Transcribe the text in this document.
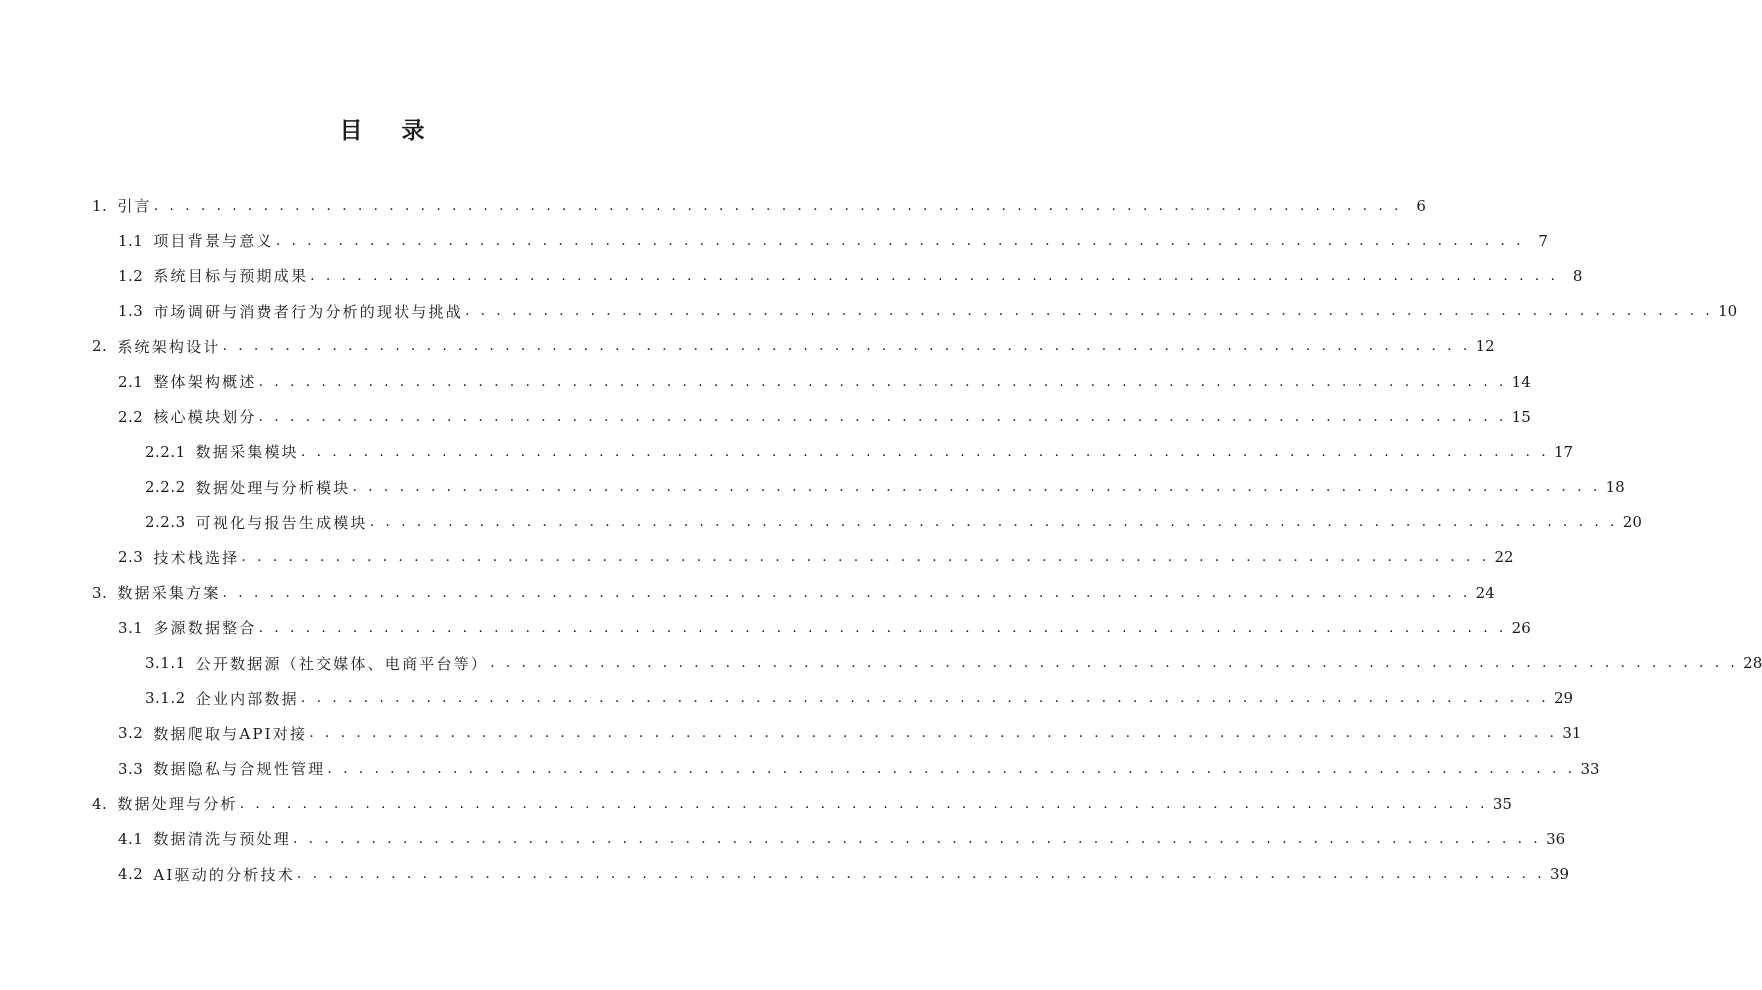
目 录
1. 引言 . . . . . . . . . . . . . . . . . . . . . . . . . . . . . . . . . . . . . . . . . . . . . . . . . . . . . . . . . . . . . . . . . . . . . . . . . . . . . . . . 6
1.1 项目背景与意义 . . . . . . . . . . . . . . . . . . . . . . . . . . . . . . . . . . . . . . . . . . . . . . . . . . . . . . . . . . . . . . . . . . . . . . . . . . . . . . . . 7
1.2 系统目标与预期成果 . . . . . . . . . . . . . . . . . . . . . . . . . . . . . . . . . . . . . . . . . . . . . . . . . . . . . . . . . . . . . . . . . . . . . . . . . . . . . . . . 8
1.3 市场调研与消费者行为分析的现状与挑战 . . . . . . . . . . . . . . . . . . . . . . . . . . . . . . . . . . . . . . . . . . . . . . . . . . . . . . . . . . . . . . . . . . . . . . . . . . . . . . . . 10
2. 系统架构设计 . . . . . . . . . . . . . . . . . . . . . . . . . . . . . . . . . . . . . . . . . . . . . . . . . . . . . . . . . . . . . . . . . . . . . . . . . . . . . . . . 12
2.1 整体架构概述 . . . . . . . . . . . . . . . . . . . . . . . . . . . . . . . . . . . . . . . . . . . . . . . . . . . . . . . . . . . . . . . . . . . . . . . . . . . . . . . . 14
2.2 核心模块划分 . . . . . . . . . . . . . . . . . . . . . . . . . . . . . . . . . . . . . . . . . . . . . . . . . . . . . . . . . . . . . . . . . . . . . . . . . . . . . . . . 15
2.2.1 数据采集模块 . . . . . . . . . . . . . . . . . . . . . . . . . . . . . . . . . . . . . . . . . . . . . . . . . . . . . . . . . . . . . . . . . . . . . . . . . . . . . . . . 17
2.2.2 数据处理与分析模块 . . . . . . . . . . . . . . . . . . . . . . . . . . . . . . . . . . . . . . . . . . . . . . . . . . . . . . . . . . . . . . . . . . . . . . . . . . . . . . . . 18
2.2.3 可视化与报告生成模块 . . . . . . . . . . . . . . . . . . . . . . . . . . . . . . . . . . . . . . . . . . . . . . . . . . . . . . . . . . . . . . . . . . . . . . . . . . . . . . . . 20
2.3 技术栈选择 . . . . . . . . . . . . . . . . . . . . . . . . . . . . . . . . . . . . . . . . . . . . . . . . . . . . . . . . . . . . . . . . . . . . . . . . . . . . . . . . 22
3. 数据采集方案 . . . . . . . . . . . . . . . . . . . . . . . . . . . . . . . . . . . . . . . . . . . . . . . . . . . . . . . . . . . . . . . . . . . . . . . . . . . . . . . . 24
3.1 多源数据整合 . . . . . . . . . . . . . . . . . . . . . . . . . . . . . . . . . . . . . . . . . . . . . . . . . . . . . . . . . . . . . . . . . . . . . . . . . . . . . . . . 26
3.1.1 公开数据源（社交媒体、电商平台等） . . . . . . . . . . . . . . . . . . . . . . . . . . . . . . . . . . . . . . . . . . . . . . . . . . . . . . . . . . . . . . . . . . . . . . . . . . . . . . . . 28
3.1.2 企业内部数据 . . . . . . . . . . . . . . . . . . . . . . . . . . . . . . . . . . . . . . . . . . . . . . . . . . . . . . . . . . . . . . . . . . . . . . . . . . . . . . . . 29
3.2 数据爬取与API对接 . . . . . . . . . . . . . . . . . . . . . . . . . . . . . . . . . . . . . . . . . . . . . . . . . . . . . . . . . . . . . . . . . . . . . . . . . . . . . . . . 31
3.3 数据隐私与合规性管理 . . . . . . . . . . . . . . . . . . . . . . . . . . . . . . . . . . . . . . . . . . . . . . . . . . . . . . . . . . . . . . . . . . . . . . . . . . . . . . . . 33
4. 数据处理与分析 . . . . . . . . . . . . . . . . . . . . . . . . . . . . . . . . . . . . . . . . . . . . . . . . . . . . . . . . . . . . . . . . . . . . . . . . . . . . . . . . 35
4.1 数据清洗与预处理 . . . . . . . . . . . . . . . . . . . . . . . . . . . . . . . . . . . . . . . . . . . . . . . . . . . . . . . . . . . . . . . . . . . . . . . . . . . . . . . . 36
4.2 AI驱动的分析技术 . . . . . . . . . . . . . . . . . . . . . . . . . . . . . . . . . . . . . . . . . . . . . . . . . . . . . . . . . . . . . . . . . . . . . . . . . . . . . . . . 39
